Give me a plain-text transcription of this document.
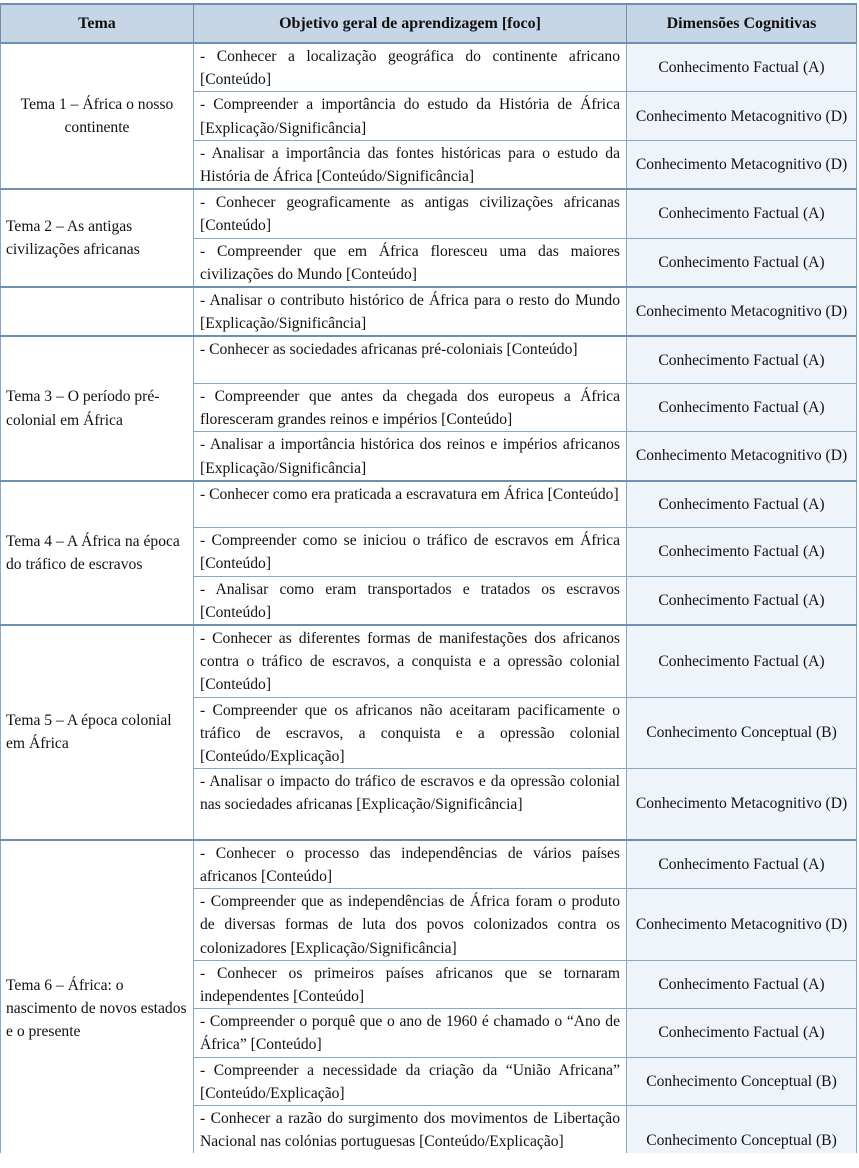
Tema	Objetivo geral de aprendizagem [foco]	Dimensões Cognitivas
Tema 1 – África o nosso continente	- Conhecer a localização geográfica do continente africano [Conteúdo]	Conhecimento Factual (A)
	- Compreender a importância do estudo da História de África [Explicação/Significância]	Conhecimento Metacognitivo (D)
	- Analisar a importância das fontes históricas para o estudo da História de África [Conteúdo/Significância]	Conhecimento Metacognitivo (D)
Tema 2 – As antigas civilizações africanas	- Conhecer geograficamente as antigas civilizações africanas [Conteúdo]	Conhecimento Factual (A)
	- Compreender que em África floresceu uma das maiores civilizações do Mundo [Conteúdo]	Conhecimento Factual (A)
	- Analisar o contributo histórico de África para o resto do Mundo [Explicação/Significância]	Conhecimento Metacognitivo (D)
Tema 3 – O período pré-colonial em África	- Conhecer as sociedades africanas pré-coloniais [Conteúdo]	Conhecimento Factual (A)
	- Compreender que antes da chegada dos europeus a África floresceram grandes reinos e impérios [Conteúdo]	Conhecimento Factual (A)
	- Analisar a importância histórica dos reinos e impérios africanos [Explicação/Significância]	Conhecimento Metacognitivo (D)
Tema 4 – A África na época do tráfico de escravos	- Conhecer como era praticada a escravatura em África [Conteúdo]	Conhecimento Factual (A)
	- Compreender como se iniciou o tráfico de escravos em África [Conteúdo]	Conhecimento Factual (A)
	- Analisar como eram transportados e tratados os escravos [Conteúdo]	Conhecimento Factual (A)
Tema 5 – A época colonial em África	- Conhecer as diferentes formas de manifestações dos africanos contra o tráfico de escravos, a conquista e a opressão colonial [Conteúdo]	Conhecimento Factual (A)
	- Compreender que os africanos não aceitaram pacificamente o tráfico de escravos, a conquista e a opressão colonial [Conteúdo/Explicação]	Conhecimento Conceptual (B)
	- Analisar o impacto do tráfico de escravos e da opressão colonial nas sociedades africanas [Explicação/Significância]	Conhecimento Metacognitivo (D)
Tema 6 – África: o nascimento de novos estados e o presente	- Conhecer o processo das independências de vários países africanos [Conteúdo]	Conhecimento Factual (A)
	- Compreender que as independências de África foram o produto de diversas formas de luta dos povos colonizados contra os colonizadores [Explicação/Significância]	Conhecimento Metacognitivo (D)
	- Conhecer os primeiros países africanos que se tornaram independentes [Conteúdo]	Conhecimento Factual (A)
	- Compreender o porquê que o ano de 1960 é chamado o “Ano de África” [Conteúdo]	Conhecimento Factual (A)
	- Compreender a necessidade da criação da “União Africana” [Conteúdo/Explicação]	Conhecimento Conceptual (B)
	- Conhecer a razão do surgimento dos movimentos de Libertação Nacional nas colónias portuguesas [Conteúdo/Explicação]	Conhecimento Conceptual (B)
